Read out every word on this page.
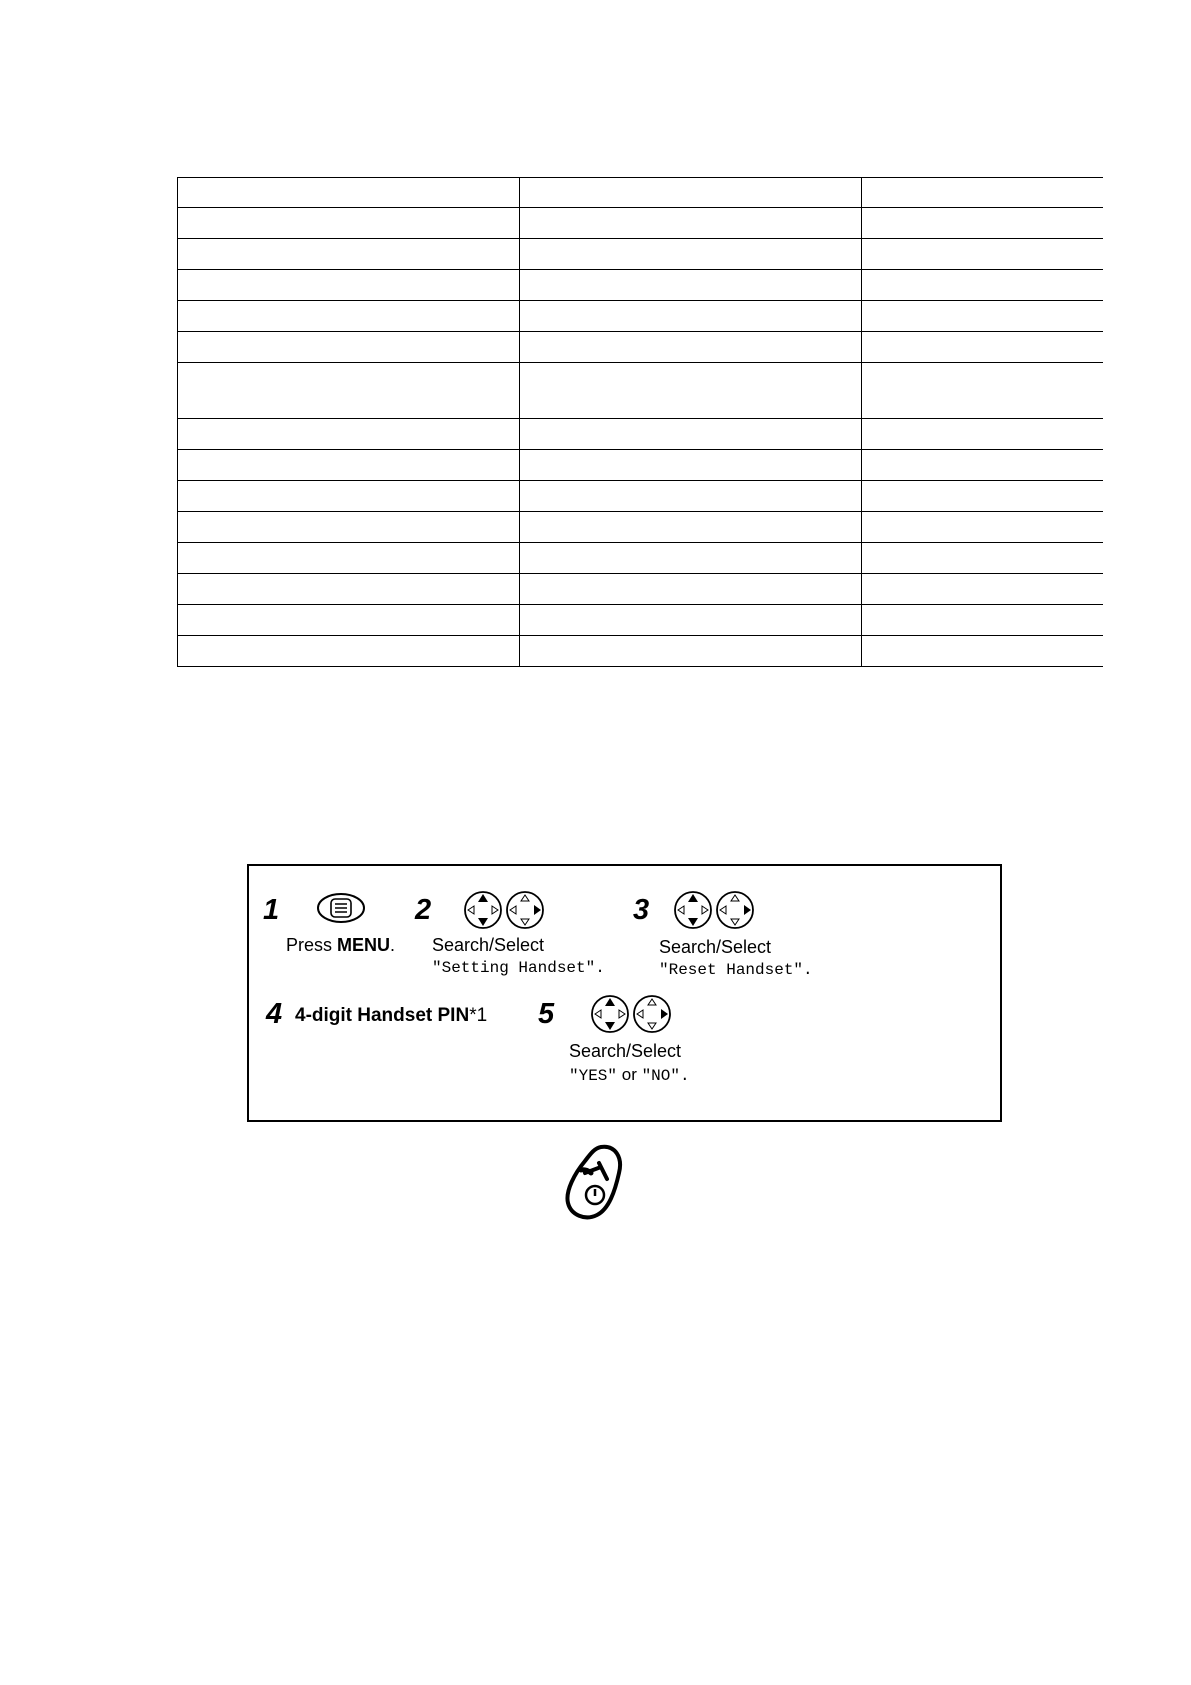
1
Press MENU.
2
Search/Select
"Setting Handset".
3
Search/Select
"Reset Handset".
4 4-digit Handset PIN*1 5
Search/Select
"YES" or "NO".
